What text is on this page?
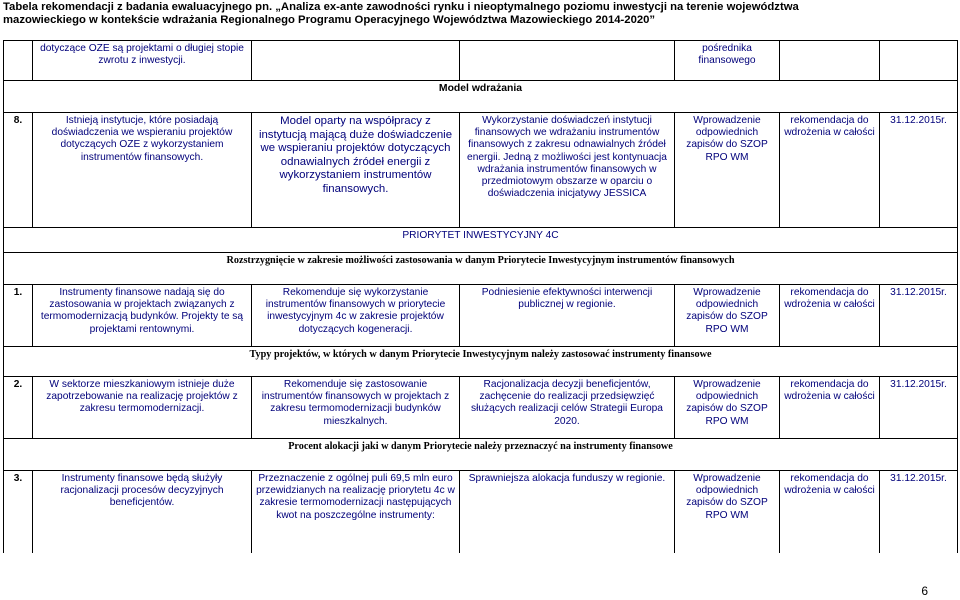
Tabela rekomendacji z badania ewaluacyjnego pn. „Analiza ex-ante zawodności rynku i nieoptymalnego poziomu inwestycji na terenie województwa
mazowieckiego w kontekście wdrażania Regionalnego Programu Operacyjnego Województwa Mazowieckiego 2014-2020”
	dotyczące OZE są projektami o długiej stopie zwrotu z inwestycji.			pośrednika finansowego		
Model wdrażania						
8.	Istnieją instytucje, które posiadają doświadczenia we wspieraniu projektów dotyczących OZE z wykorzystaniem instrumentów finansowych.	Model oparty na współpracy z instytucją mającą duże doświadczenie we wspieraniu projektów dotyczących odnawialnych źródeł energii z wykorzystaniem instrumentów finansowych.	Wykorzystanie doświadczeń instytucji finansowych we wdrażaniu instrumentów finansowych z zakresu odnawialnych źródeł energii. Jedną z możliwości jest kontynuacja wdrażania instrumentów finansowych w przedmiotowym obszarze w oparciu o doświadczenia inicjatywy JESSICA	Wprowadzenie odpowiednich zapisów do SZOP RPO WM	rekomendacja do wdrożenia w całości	31.12.2015r.
PRIORYTET INWESTYCYJNY 4C						
Rozstrzygnięcie w zakresie możliwości zastosowania w danym Priorytecie Inwestycyjnym instrumentów finansowych						
1.	Instrumenty finansowe nadają się do zastosowania w projektach związanych z termomodernizacją budynków. Projekty te są projektami rentownymi.	Rekomenduje się wykorzystanie instrumentów finansowych w priorytecie inwestycyjnym 4c w zakresie projektów dotyczących kogeneracji.	Podniesienie efektywności interwencji publicznej w regionie.	Wprowadzenie odpowiednich zapisów do SZOP RPO WM	rekomendacja do wdrożenia w całości	31.12.2015r.
Typy projektów, w których w danym Priorytecie Inwestycyjnym należy zastosować instrumenty finansowe						
2.	W sektorze mieszkaniowym istnieje duże zapotrzebowanie na realizację projektów z zakresu termomodernizacji.	Rekomenduje się zastosowanie instrumentów finansowych w projektach z zakresu termomodernizacji budynków mieszkalnych.	Racjonalizacja decyzji beneficjentów, zachęcenie do realizacji przedsięwzięć służących realizacji celów Strategii Europa 2020.	Wprowadzenie odpowiednich zapisów do SZOP RPO WM	rekomendacja do wdrożenia w całości	31.12.2015r.
Procent alokacji jaki w danym Priorytecie należy przeznaczyć na instrumenty finansowe						
3.	Instrumenty finansowe będą służyły racjonalizacji procesów decyzyjnych beneficjentów.	Przeznaczenie z ogólnej puli 69,5 mln euro przewidzianych na realizację priorytetu 4c w zakresie termomodernizacji następujących kwot na poszczególne instrumenty:	Sprawniejsza alokacja funduszy w regionie.	Wprowadzenie odpowiednich zapisów do SZOP RPO WM	rekomendacja do wdrożenia w całości	31.12.2015r.
6
